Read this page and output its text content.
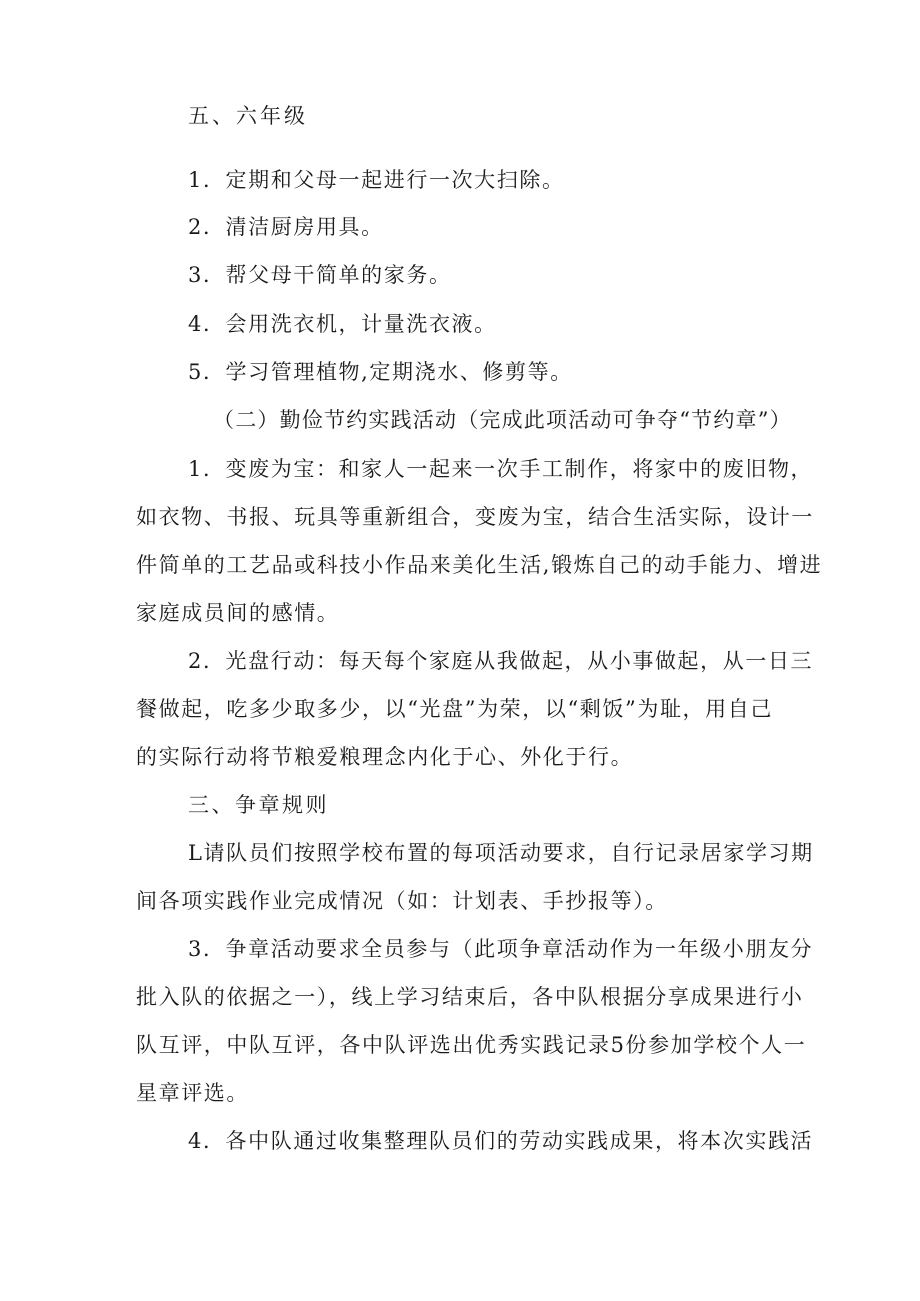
五、六年级
1．定期和父母一起进行一次大扫除。
2．清洁厨房用具。
3．帮父母干简单的家务。
4．会用洗衣机，计量洗衣液。
5．学习管理植物,定期浇水、修剪等。
（二）勤俭节约实践活动（完成此项活动可争夺“节约章”）
1．变废为宝：和家人一起来一次手工制作，将家中的废旧物，
如衣物、书报、玩具等重新组合，变废为宝，结合生活实际，设计一
件简单的工艺品或科技小作品来美化生活,锻炼自己的动手能力、增进
家庭成员间的感情。
2．光盘行动：每天每个家庭从我做起，从小事做起，从一日三
餐做起，吃多少取多少，以“光盘”为荣，以“剩饭”为耻，用自己
的实际行动将节粮爱粮理念内化于心、外化于行。
三、争章规则
L请队员们按照学校布置的每项活动要求，自行记录居家学习期
间各项实践作业完成情况（如：计划表、手抄报等）。
3．争章活动要求全员参与（此项争章活动作为一年级小朋友分
批入队的依据之一），线上学习结束后，各中队根据分享成果进行小
队互评，中队互评，各中队评选出优秀实践记录5份参加学校个人一
星章评选。
4．各中队通过收集整理队员们的劳动实践成果，将本次实践活
